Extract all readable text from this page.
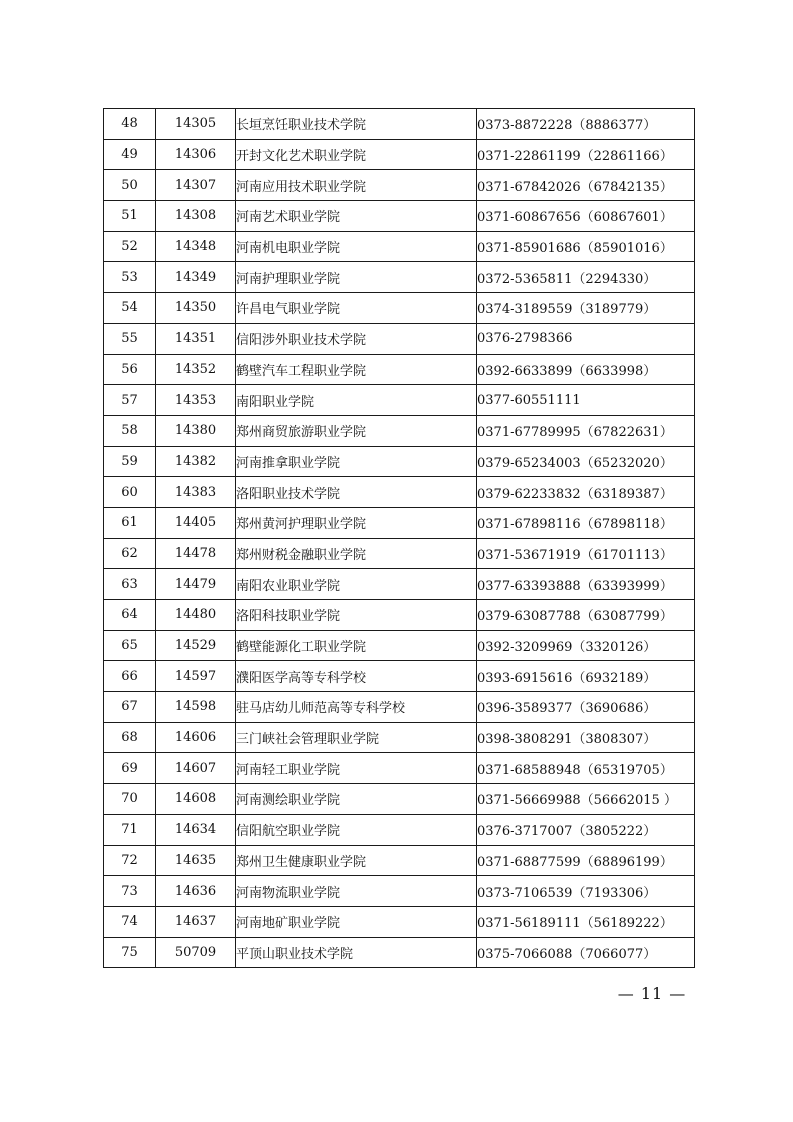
48	14305	长垣烹饪职业技术学院	0373-8872228（8886377）
49	14306	开封文化艺术职业学院	0371-22861199（22861166）
50	14307	河南应用技术职业学院	0371-67842026（67842135）
51	14308	河南艺术职业学院	0371-60867656（60867601）
52	14348	河南机电职业学院	0371-85901686（85901016）
53	14349	河南护理职业学院	0372-5365811（2294330）
54	14350	许昌电气职业学院	0374-3189559（3189779）
55	14351	信阳涉外职业技术学院	0376-2798366
56	14352	鹤壁汽车工程职业学院	0392-6633899（6633998）
57	14353	南阳职业学院	0377-60551111
58	14380	郑州商贸旅游职业学院	0371-67789995（67822631）
59	14382	河南推拿职业学院	0379-65234003（65232020）
60	14383	洛阳职业技术学院	0379-62233832（63189387）
61	14405	郑州黄河护理职业学院	0371-67898116（67898118）
62	14478	郑州财税金融职业学院	0371-53671919（61701113）
63	14479	南阳农业职业学院	0377-63393888（63393999）
64	14480	洛阳科技职业学院	0379-63087788（63087799）
65	14529	鹤壁能源化工职业学院	0392-3209969（3320126）
66	14597	濮阳医学高等专科学校	0393-6915616（6932189）
67	14598	驻马店幼儿师范高等专科学校	0396-3589377（3690686）
68	14606	三门峡社会管理职业学院	0398-3808291（3808307）
69	14607	河南轻工职业学院	0371-68588948（65319705）
70	14608	河南测绘职业学院	0371-56669988（56662015 ）
71	14634	信阳航空职业学院	0376-3717007（3805222）
72	14635	郑州卫生健康职业学院	0371-68877599（68896199）
73	14636	河南物流职业学院	0373-7106539（7193306）
74	14637	河南地矿职业学院	0371-56189111（56189222）
75	50709	平顶山职业技术学院	0375-7066088（7066077）
— 11 —
